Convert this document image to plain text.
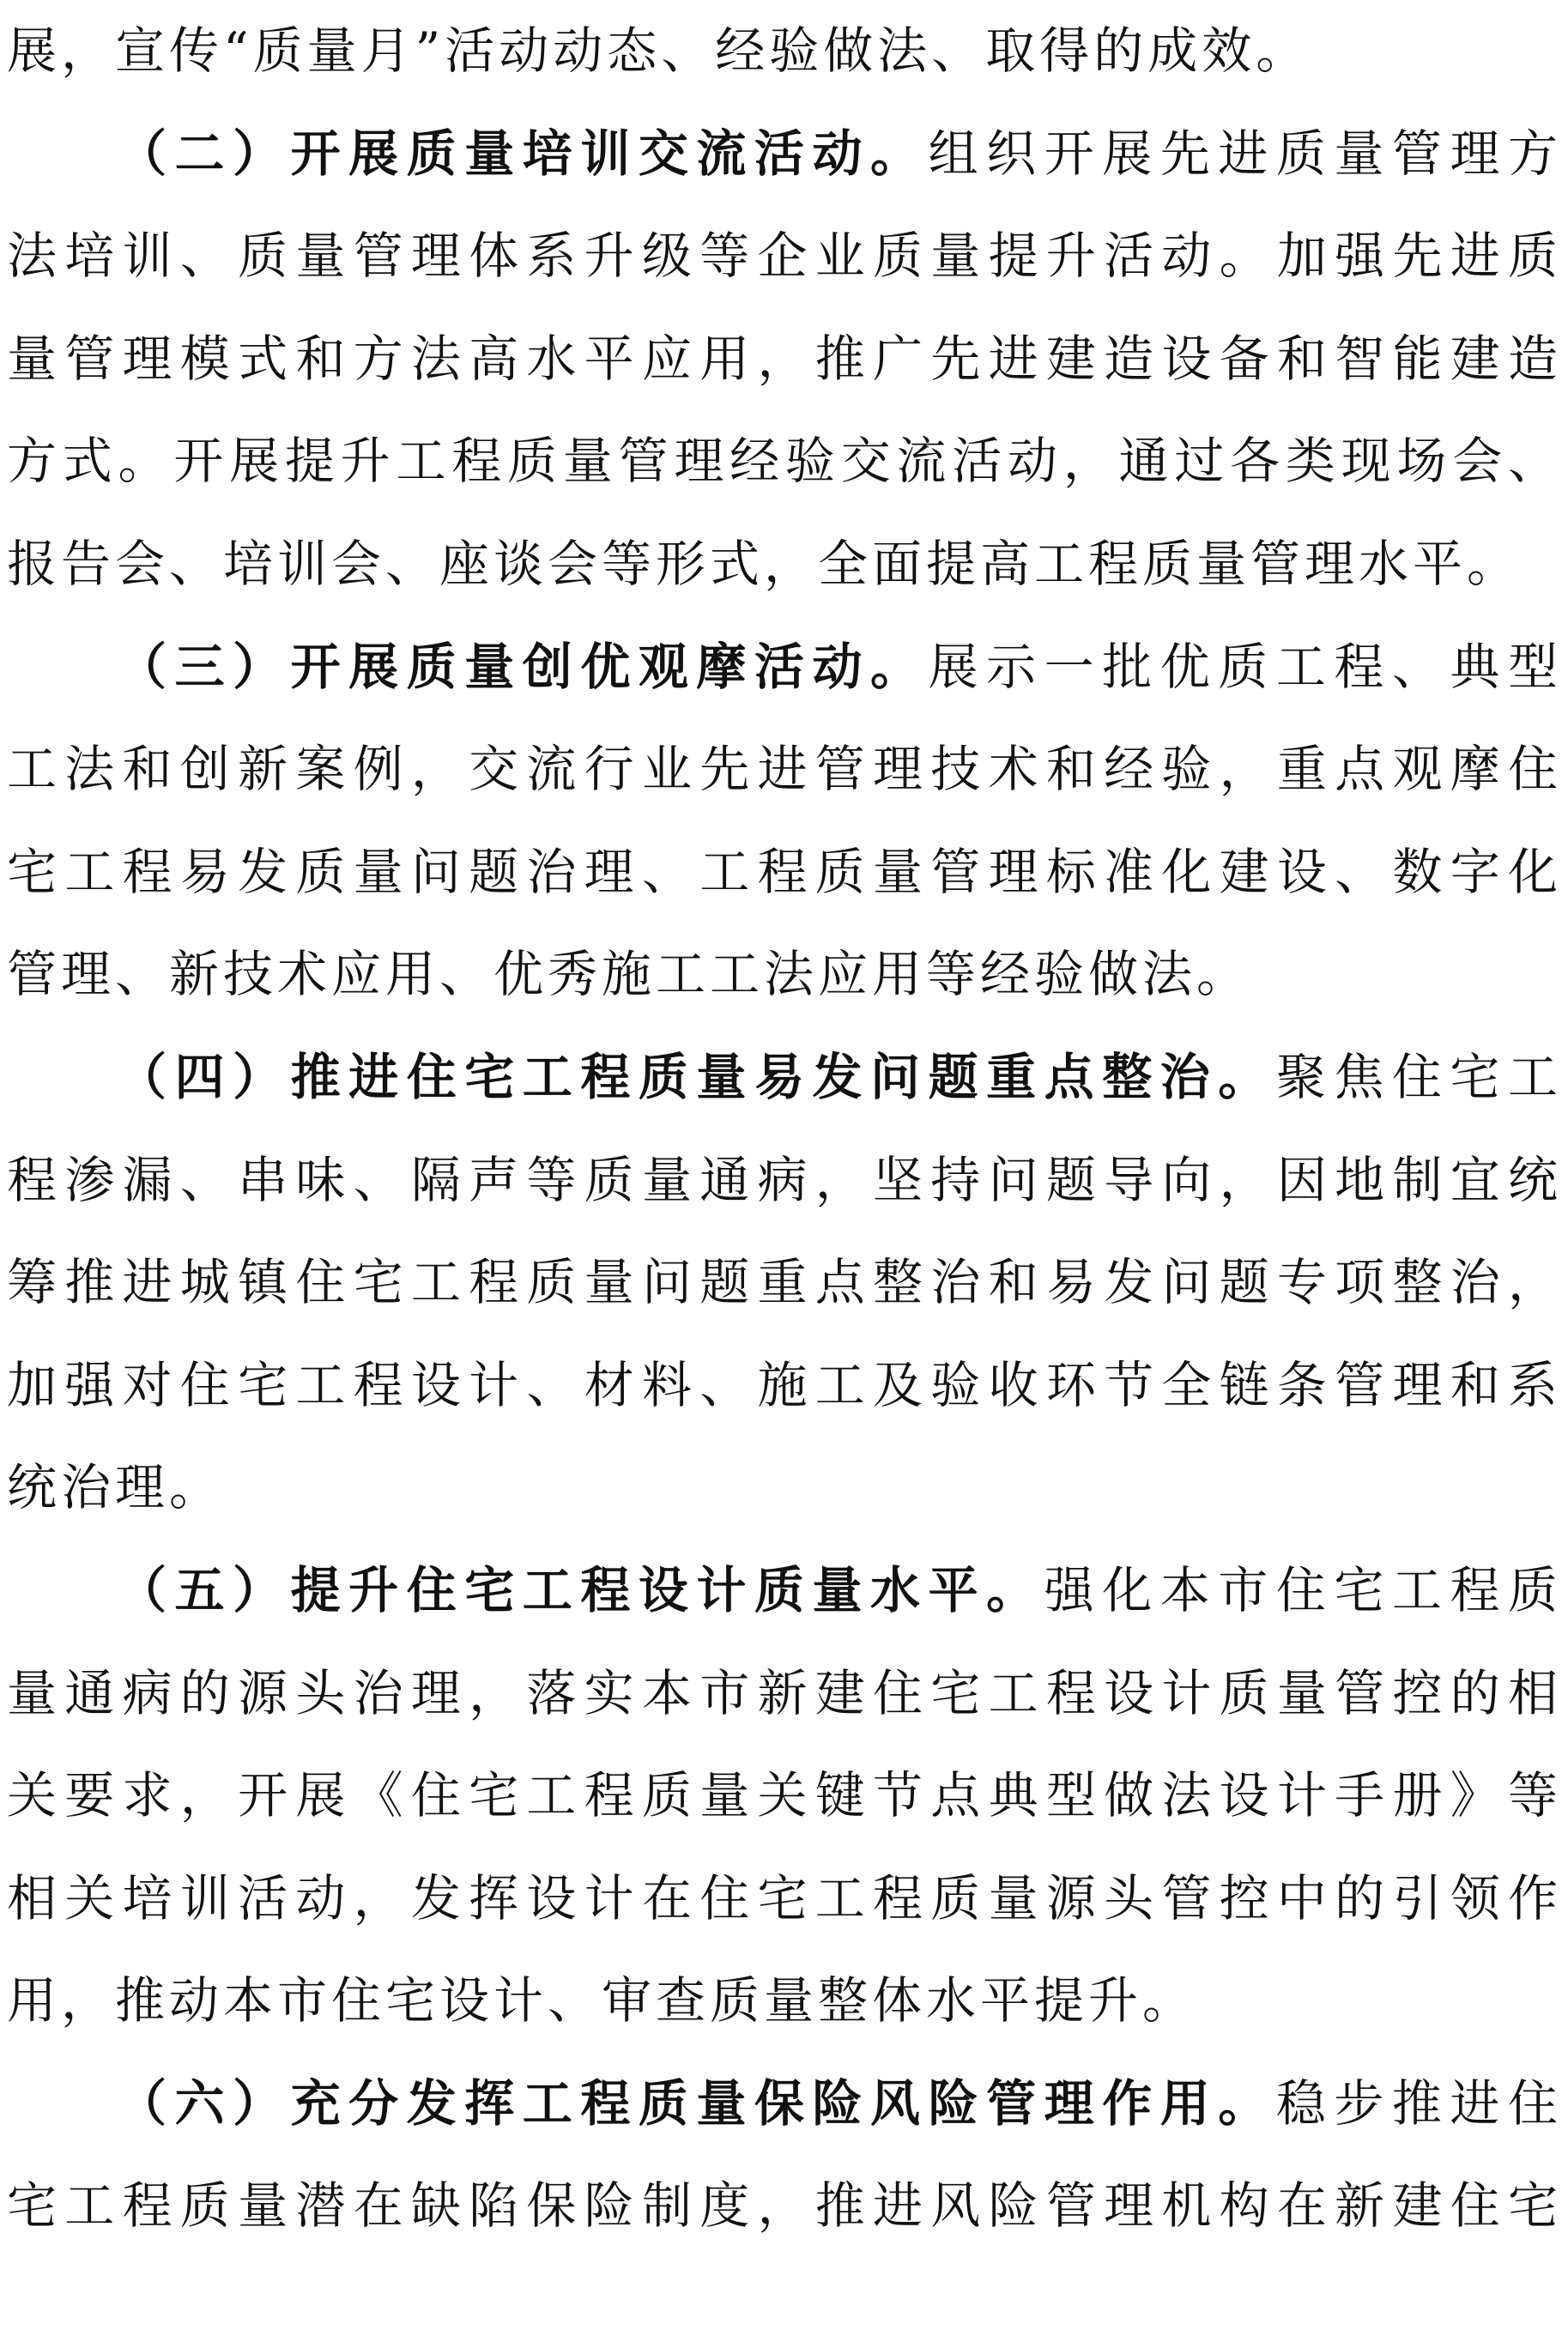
展，宣传“质量月”活动动态、经验做法、取得的成效。
（二）开展质量培训交流活动。组织开展先进质量管理方
法培训、质量管理体系升级等企业质量提升活动。加强先进质
量管理模式和方法高水平应用，推广先进建造设备和智能建造
方式。开展提升工程质量管理经验交流活动，通过各类现场会、
报告会、培训会、座谈会等形式，全面提高工程质量管理水平。
（三）开展质量创优观摩活动。展示一批优质工程、典型
工法和创新案例，交流行业先进管理技术和经验，重点观摩住
宅工程易发质量问题治理、工程质量管理标准化建设、数字化
管理、新技术应用、优秀施工工法应用等经验做法。
（四）推进住宅工程质量易发问题重点整治。聚焦住宅工
程渗漏、串味、隔声等质量通病，坚持问题导向，因地制宜统
筹推进城镇住宅工程质量问题重点整治和易发问题专项整治，
加强对住宅工程设计、材料、施工及验收环节全链条管理和系
统治理。
（五）提升住宅工程设计质量水平。强化本市住宅工程质
量通病的源头治理，落实本市新建住宅工程设计质量管控的相
关要求，开展《住宅工程质量关键节点典型做法设计手册》等
相关培训活动，发挥设计在住宅工程质量源头管控中的引领作
用，推动本市住宅设计、审查质量整体水平提升。
（六）充分发挥工程质量保险风险管理作用。稳步推进住
宅工程质量潜在缺陷保险制度，推进风险管理机构在新建住宅
